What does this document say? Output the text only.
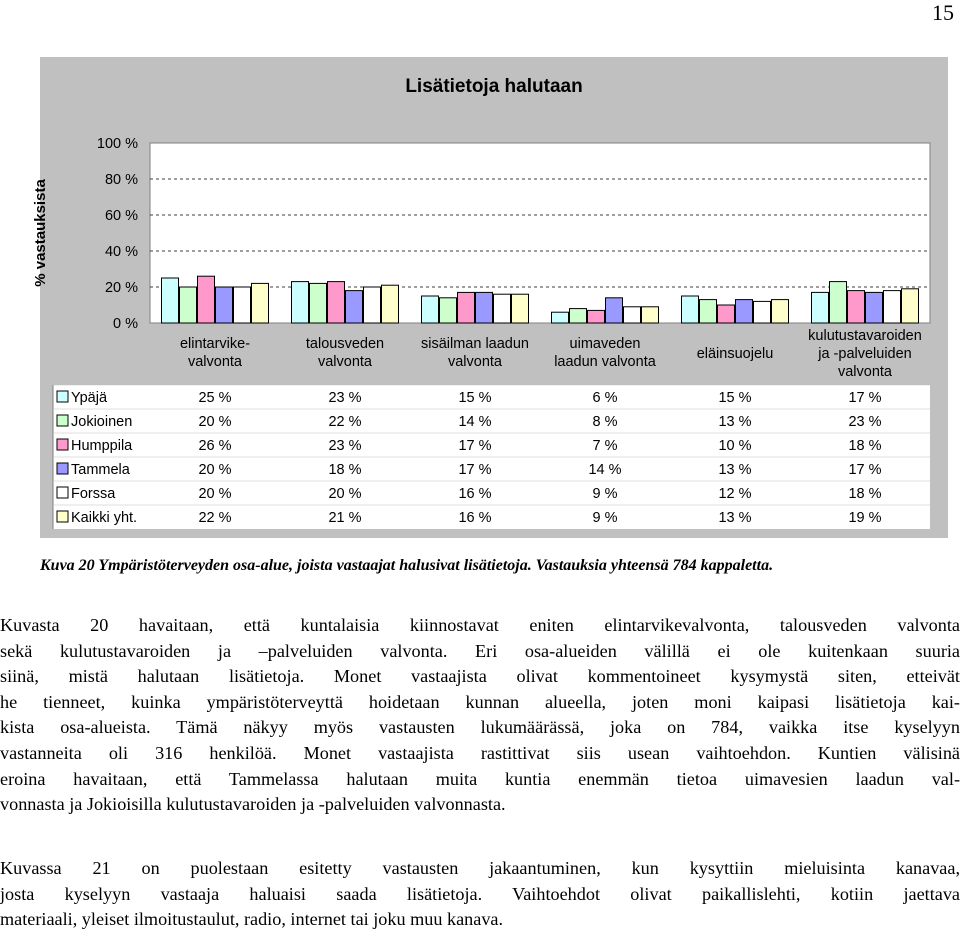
15
Lisätietoja halutaan
% vastauksista
0 %
20 %
40 %
60 %
80 %
100 %
elintarvike-
valvonta
talousveden
valvonta
sisäilman laadun
valvonta
uimaveden
laadun valvonta	eläinsuojelu
kulutustavaroiden
ja -palveluiden
valvonta
Ypäjä	25 %	23 %	15 %	6 %	15 %	17 %
Jokioinen	20 %	22 %	14 %	8 %	13 %	23 %
Humppila	26 %	23 %	17 %	7 %	10 %	18 %
Tammela	20 %	18 %	17 %	14 %	13 %	17 %
Forssa	20 %	20 %	16 %	9 %	12 %	18 %
Kaikki yht.	22 %	21 %	16 %	9 %	13 %	19 %
Kuva 20 Ympäristöterveyden osa-alue, joista vastaajat halusivat lisätietoja. Vastauksia yhteensä 784 kappaletta.
Kuvasta 20 havaitaan, että kuntalaisia kiinnostavat eniten elintarvikevalvonta, talousveden valvonta
sekä kulutustavaroiden ja –palveluiden valvonta. Eri osa-alueiden välillä ei ole kuitenkaan suuria
siinä, mistä halutaan lisätietoja. Monet vastaajista olivat kommentoineet kysymystä siten, etteivät
he tienneet, kuinka ympäristöterveyttä hoidetaan kunnan alueella, joten moni kaipasi lisätietoja kai-
kista osa-alueista. Tämä näkyy myös vastausten lukumäärässä, joka on 784, vaikka itse kyselyyn
vastanneita oli 316 henkilöä. Monet vastaajista rastittivat siis usean vaihtoehdon. Kuntien välisinä
eroina havaitaan, että Tammelassa halutaan muita kuntia enemmän tietoa uimavesien laadun val-
vonnasta ja Jokioisilla kulutustavaroiden ja -palveluiden valvonnasta.
Kuvassa 21 on puolestaan esitetty vastausten jakaantuminen, kun kysyttiin mieluisinta kanavaa,
josta kyselyyn vastaaja haluaisi saada lisätietoja. Vaihtoehdot olivat paikallislehti, kotiin jaettava
materiaali, yleiset ilmoitustaulut, radio, internet tai joku muu kanava.
